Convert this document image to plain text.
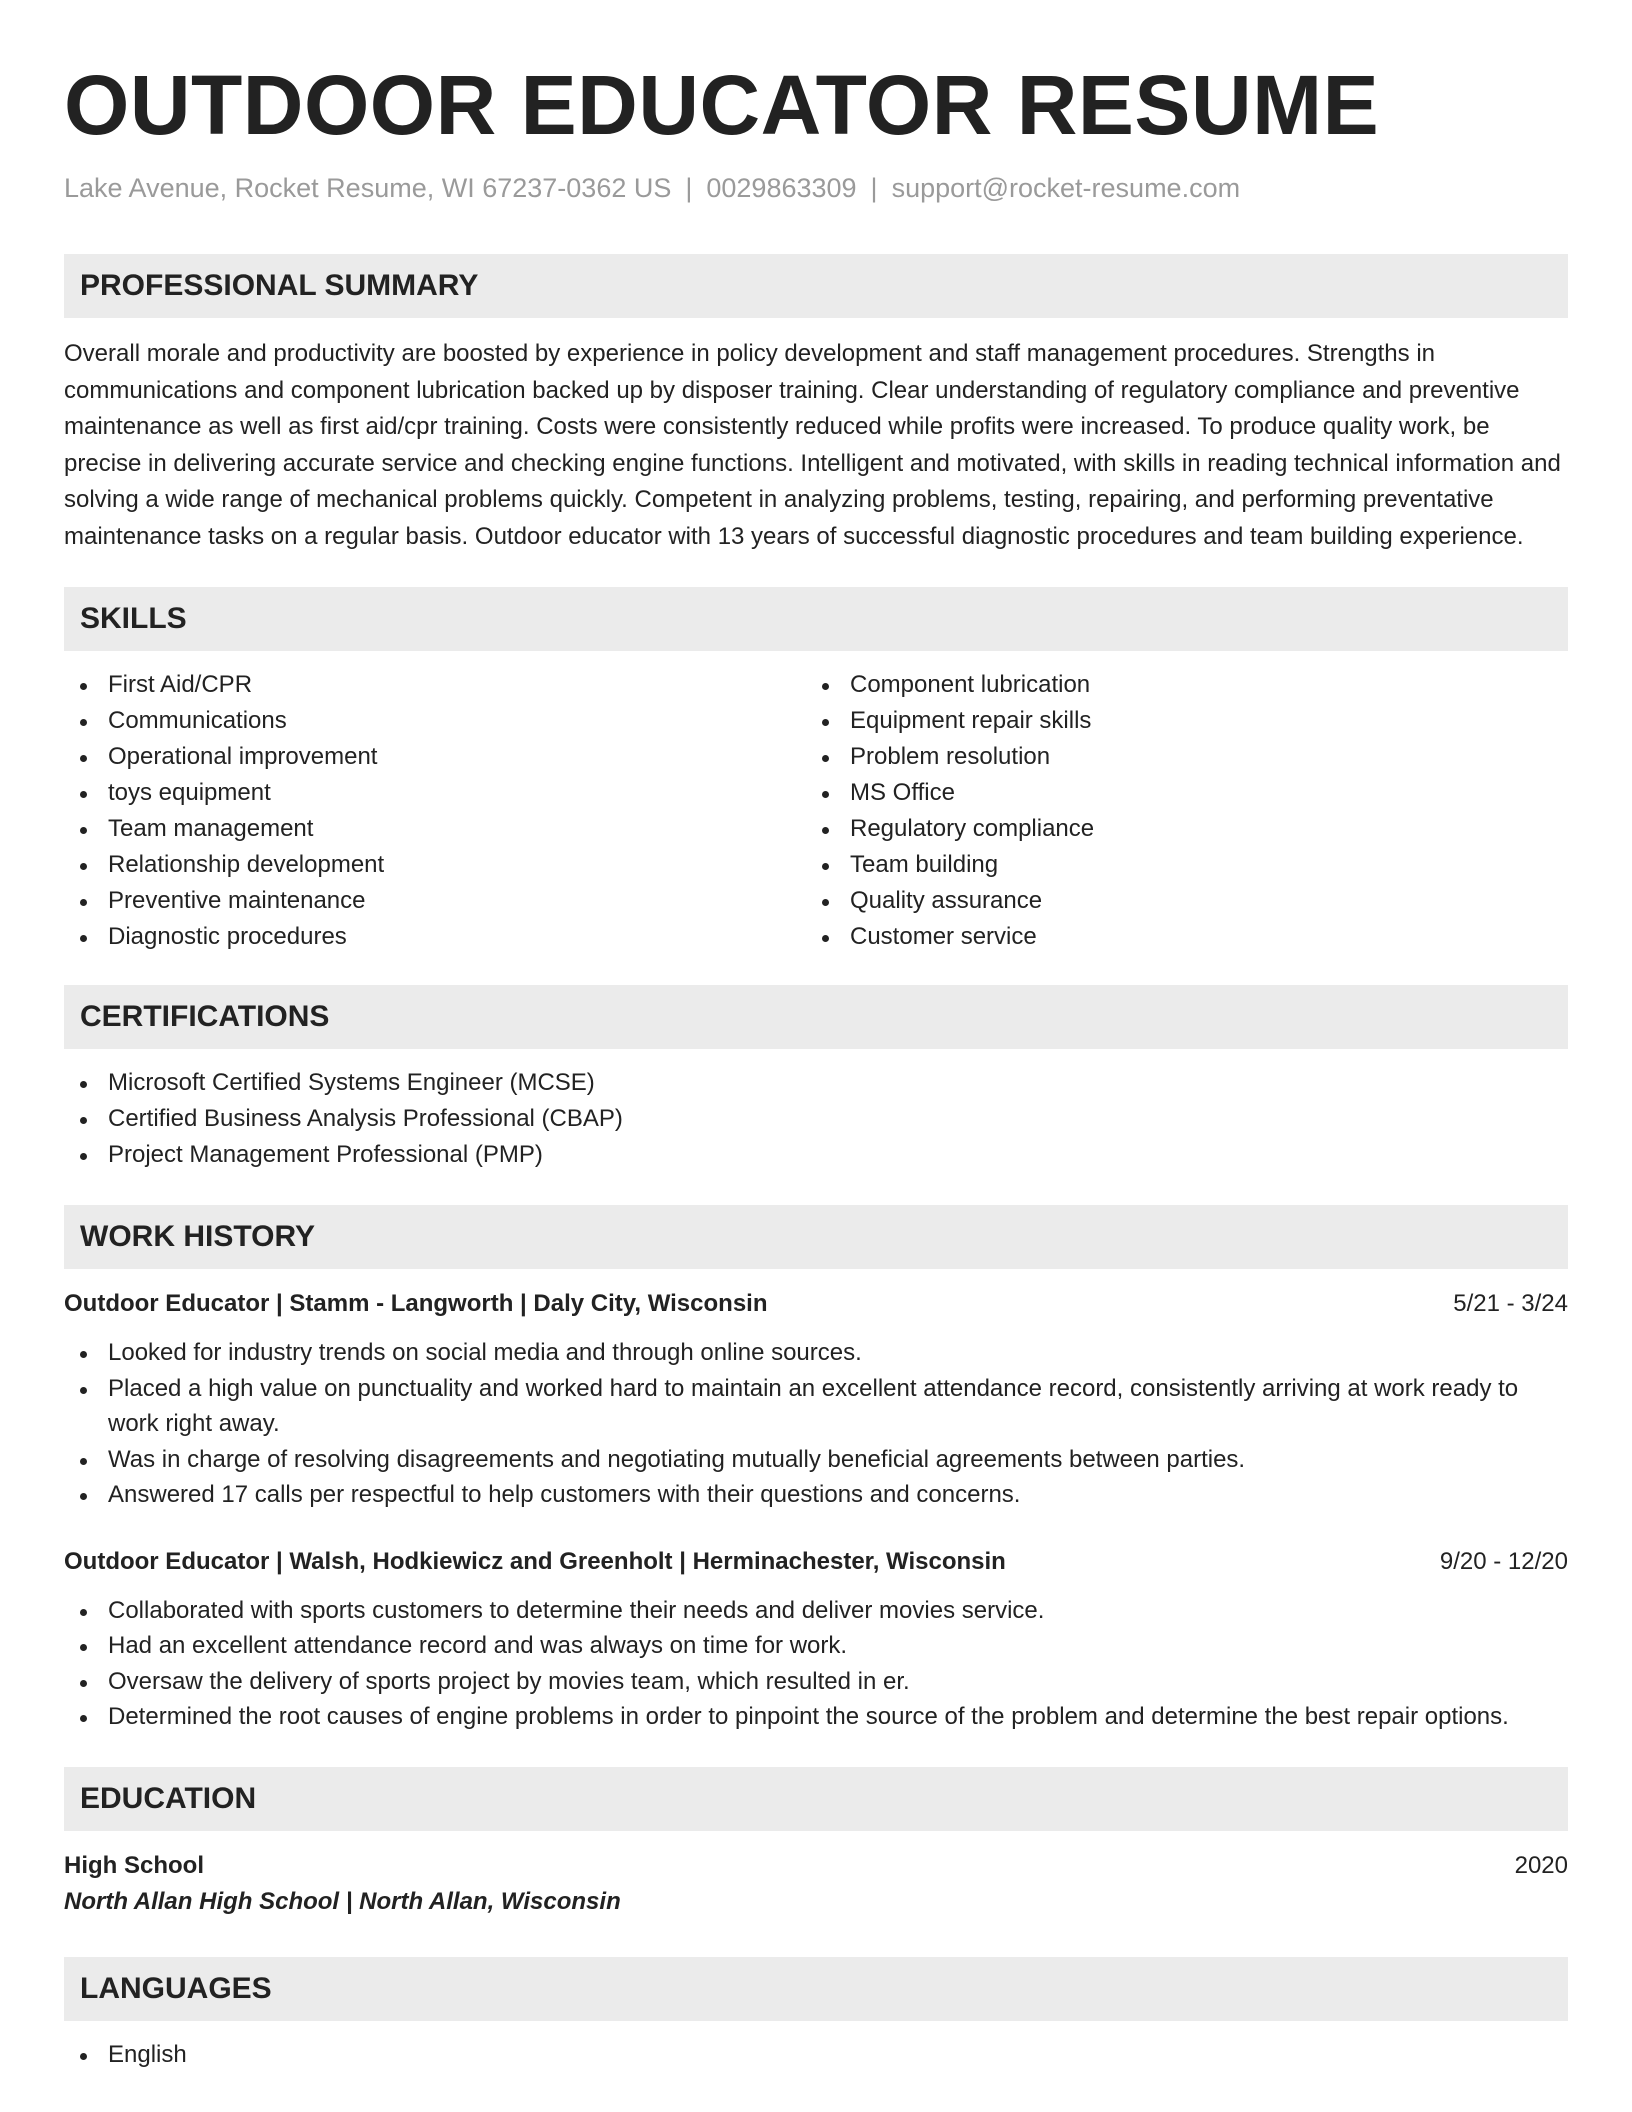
OUTDOOR EDUCATOR RESUME
Lake Avenue, Rocket Resume, WI 67237-0362 US | 0029863309 | support@rocket-resume.com
PROFESSIONAL SUMMARY

Overall morale and productivity are boosted by experience in policy development and staff management procedures. Strengths in communications and component lubrication backed up by disposer training. Clear understanding of regulatory compliance and preventive maintenance as well as first aid/cpr training. Costs were consistently reduced while profits were increased. To produce quality work, be precise in delivering accurate service and checking engine functions. Intelligent and motivated, with skills in reading technical information and solving a wide range of mechanical problems quickly. Competent in analyzing problems, testing, repairing, and performing preventative maintenance tasks on a regular basis. Outdoor educator with 13 years of successful diagnostic procedures and team building experience.

SKILLS
First Aid/CPR
Communications
Operational improvement
toys equipment
Team management
Relationship development
Preventive maintenance
Diagnostic procedures
Component lubrication
Equipment repair skills
Problem resolution
MS Office
Regulatory compliance
Team building
Quality assurance
Customer service
CERTIFICATIONS
Microsoft Certified Systems Engineer (MCSE)
Certified Business Analysis Professional (CBAP)
Project Management Professional (PMP)
WORK HISTORY
Outdoor Educator | Stamm - Langworth | Daly City, Wisconsin	5/21 - 3/24
Looked for industry trends on social media and through online sources.
Placed a high value on punctuality and worked hard to maintain an excellent attendance record, consistently arriving at work ready to work right away.
Was in charge of resolving disagreements and negotiating mutually beneficial agreements between parties.
Answered 17 calls per respectful to help customers with their questions and concerns.
Outdoor Educator | Walsh, Hodkiewicz and Greenholt | Herminachester, Wisconsin	9/20 - 12/20
Collaborated with sports customers to determine their needs and deliver movies service.
Had an excellent attendance record and was always on time for work.
Oversaw the delivery of sports project by movies team, which resulted in er.
Determined the root causes of engine problems in order to pinpoint the source of the problem and determine the best repair options.
EDUCATION
High School	2020
North Allan High School | North Allan, Wisconsin
LANGUAGES
English
